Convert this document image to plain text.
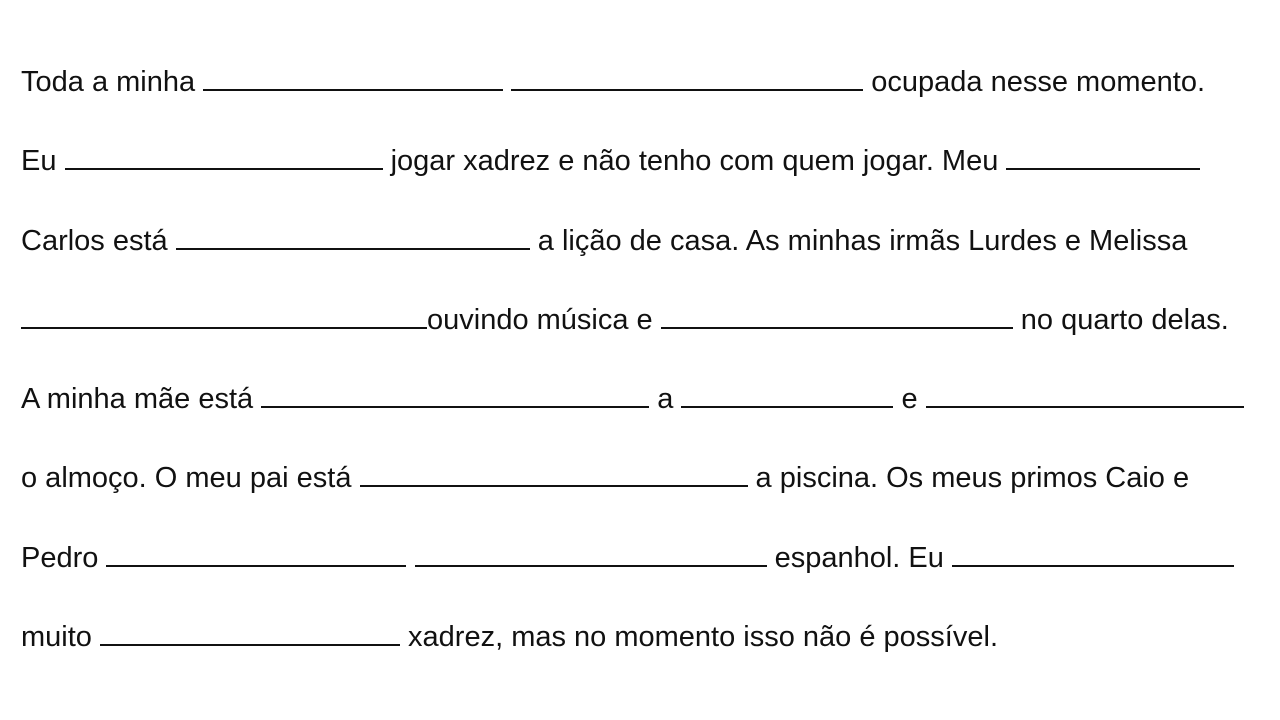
Toda a minha
	ocupada nesse momento.
Eu	jogar xadrez e não tenho com quem jogar. Meu
Carlos está	a lição de casa. As minhas irmãs Lurdes e Melissa
ouvindo música e	no quarto delas.
A minha mãe está	a	e
o almoço. O meu pai está	a piscina. Os meus primos Caio e
Pedro
	espanhol. Eu
muito	xadrez, mas no momento isso não é possível.
